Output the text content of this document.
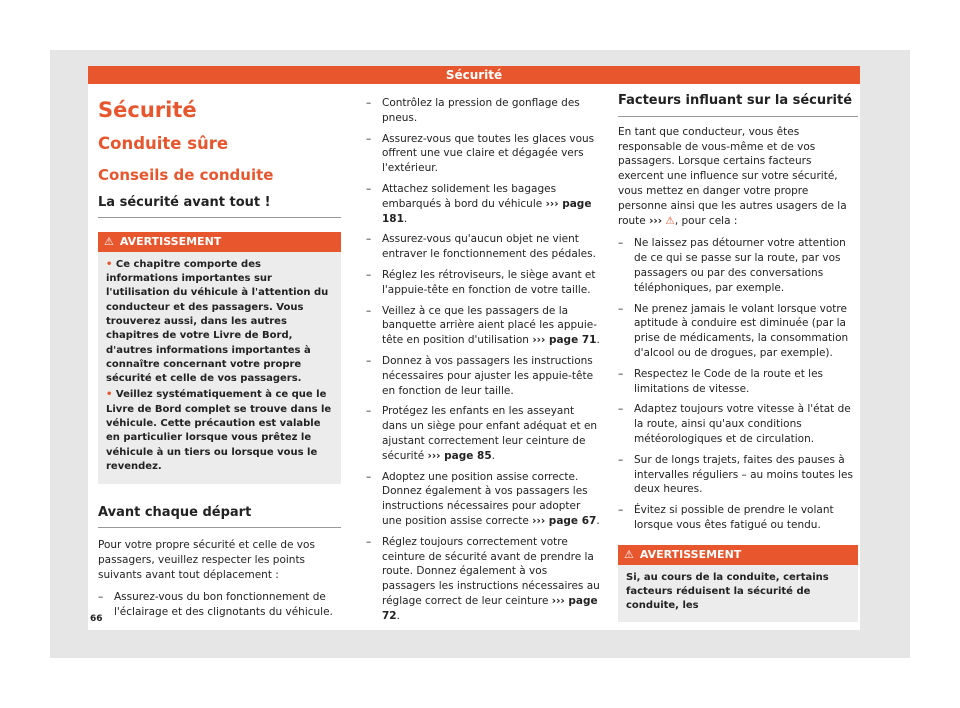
Sécurité
Sécurité
Conduite sûre
Conseils de conduite
La sécurité avant tout !
⚠ AVERTISSEMENT

• Ce chapitre comporte des informations importantes sur l'utilisation du véhicule à l'attention du conducteur et des passagers. Vous trouverez aussi, dans les autres chapitres de votre Livre de Bord, d'autres informations importantes à connaître concernant votre propre sécurité et celle de vos passagers.

• Veillez systématiquement à ce que le Livre de Bord complet se trouve dans le véhicule. Cette précaution est valable en particulier lorsque vous prêtez le véhicule à un tiers ou lorsque vous le revendez.

Avant chaque départ

Pour votre propre sécurité et celle de vos passagers, veuillez respecter les points suivants avant tout déplacement :

– Assurez-vous du bon fonctionnement de l'éclairage et des clignotants du véhicule.
– Contrôlez la pression de gonflage des pneus.
– Assurez-vous que toutes les glaces vous offrent une vue claire et dégagée vers l'extérieur.
– Attachez solidement les bagages embarqués à bord du véhicule ››› page 181.
– Assurez-vous qu'aucun objet ne vient entraver le fonctionnement des pédales.
– Réglez les rétroviseurs, le siège avant et l'appuie-tête en fonction de votre taille.
– Veillez à ce que les passagers de la banquette arrière aient placé les appuie-tête en position d'utilisation ››› page 71.
– Donnez à vos passagers les instructions nécessaires pour ajuster les appuie-tête en fonction de leur taille.
– Protégez les enfants en les asseyant dans un siège pour enfant adéquat et en ajustant correctement leur ceinture de sécurité ››› page 85.
– Adoptez une position assise correcte. Donnez également à vos passagers les instructions nécessaires pour adopter une position assise correcte ››› page 67.
– Réglez toujours correctement votre ceinture de sécurité avant de prendre la route. Donnez également à vos passagers les instructions nécessaires au réglage correct de leur ceinture ››› page 72.
Facteurs influant sur la sécurité

En tant que conducteur, vous êtes responsable de vous-même et de vos passagers. Lorsque certains facteurs exercent une influence sur votre sécurité, vous mettez en danger votre propre personne ainsi que les autres usagers de la route ››› ⚠, pour cela :

– Ne laissez pas détourner votre attention de ce qui se passe sur la route, par vos passagers ou par des conversations téléphoniques, par exemple.
– Ne prenez jamais le volant lorsque votre aptitude à conduire est diminuée (par la prise de médicaments, la consommation d'alcool ou de drogues, par exemple).
– Respectez le Code de la route et les limitations de vitesse.
– Adaptez toujours votre vitesse à l'état de la route, ainsi qu'aux conditions météorologiques et de circulation.
– Sur de longs trajets, faites des pauses à intervalles réguliers – au moins toutes les deux heures.
– Évitez si possible de prendre le volant lorsque vous êtes fatigué ou tendu.
⚠ AVERTISSEMENT
Si, au cours de la conduite, certains facteurs réduisent la sécurité de conduite, les
66
